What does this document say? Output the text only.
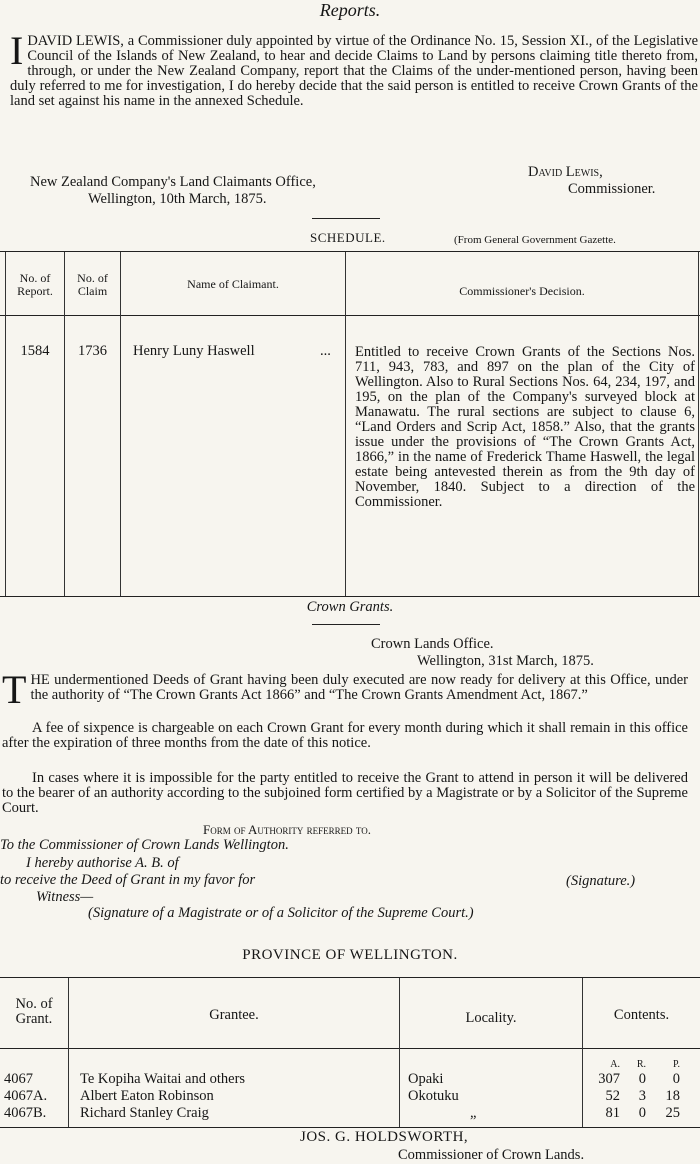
Reports.
I DAVID LEWIS, a Commissioner duly appointed by virtue of the Ordinance No. 15, Session XI., of the Legislative Council of the Islands of New Zealand, to hear and decide Claims to Land by persons claiming title thereto from, through, or under the New Zealand Company, report that the Claims of the under-mentioned person, having been duly referred to me for investigation, I do hereby decide that the said person is entitled to receive Crown Grants of the land set against his name in the annexed Schedule.
New Zealand Company's Land Claimants Office,
Wellington, 10th March, 1875.
David Lewis,
Commissioner.
SCHEDULE.	(From General Government Gazette.
No. of
Report.
No. of
Claim	Name of Claimant.	Commissioner's Decision.
1584	1736	Henry Luny Haswell	...	Entitled to receive Crown Grants of the Sections Nos. 711, 943, 783, and 897 on the plan of the City of Wellington. Also to Rural Sections Nos. 64, 234, 197, and 195, on the plan of the Company's surveyed block at Manawatu. The rural sections are subject to clause 6, “Land Orders and Scrip Act, 1858.” Also, that the grants issue under the provisions of “The Crown Grants Act, 1866,” in the name of Frederick Thame Haswell, the legal estate being antevested therein as from the 9th day of November, 1840. Subject to a direction of the Commissioner.
Crown Grants.
Crown Lands Office.
Wellington, 31st March, 1875.
T HE undermentioned Deeds of Grant having been duly executed are now ready for delivery at this Office, under the authority of “The Crown Grants Act 1866” and “The Crown Grants Amendment Act, 1867.”
A fee of sixpence is chargeable on each Crown Grant for every month during which it shall remain in this office after the expiration of three months from the date of this notice.
In cases where it is impossible for the party entitled to receive the Grant to attend in person it will be delivered to the bearer of an authority according to the subjoined form certified by a Magistrate or by a Solicitor of the Supreme Court.
Form of Authority referred to.
To the Commissioner of Crown Lands Wellington.
I hereby authorise A. B. of
to receive the Deed of Grant in my favor for	(Signature.)
Witness—
(Signature of a Magistrate or of a Solicitor of the Supreme Court.)
PROVINCE OF WELLINGTON.
No. of
Grant.	Grantee.	Locality.	Contents.
A.	R.	P.
4067	Te Kopiha Waitai and others	Opaki	307	0	0
4067A. Albert Eaton Robinson	Okotuku	52	3	18
4067B. Richard Stanley Craig	„	81	0	25
JOS. G. HOLDSWORTH,
Commissioner of Crown Lands.
